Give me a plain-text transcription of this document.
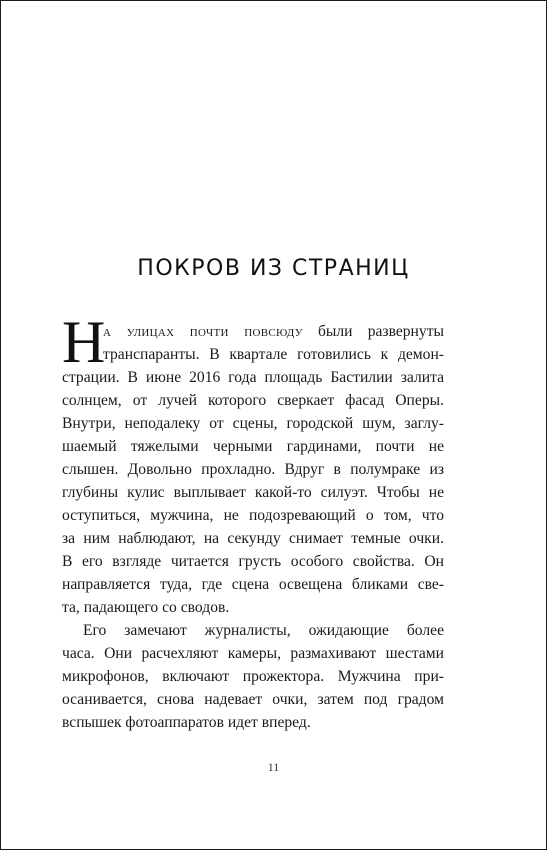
ПОКРОВ ИЗ СТРАНИЦ
Н
а улицах почти повсюду были развернуты
транспаранты. В квартале готовились к демон-
страции. В июне 2016 года площадь Бастилии залита
солнцем, от лучей которого сверкает фасад Оперы.
Внутри, неподалеку от сцены, городской шум, заглу-
шаемый тяжелыми черными гардинами, почти не
слышен. Довольно прохладно. Вдруг в полумраке из
глубины кулис выплывает какой-то силуэт. Чтобы не
оступиться, мужчина, не подозревающий о том, что
за ним наблюдают, на секунду снимает темные очки.
В его взгляде читается грусть особого свойства. Он
направляется туда, где сцена освещена бликами све-
та, падающего со сводов.
Его замечают журналисты, ожидающие более
часа. Они расчехляют камеры, размахивают шестами
микрофонов, включают прожектора. Мужчина при-
осанивается, снова надевает очки, затем под градом
вспышек фотоаппаратов идет вперед.
11
